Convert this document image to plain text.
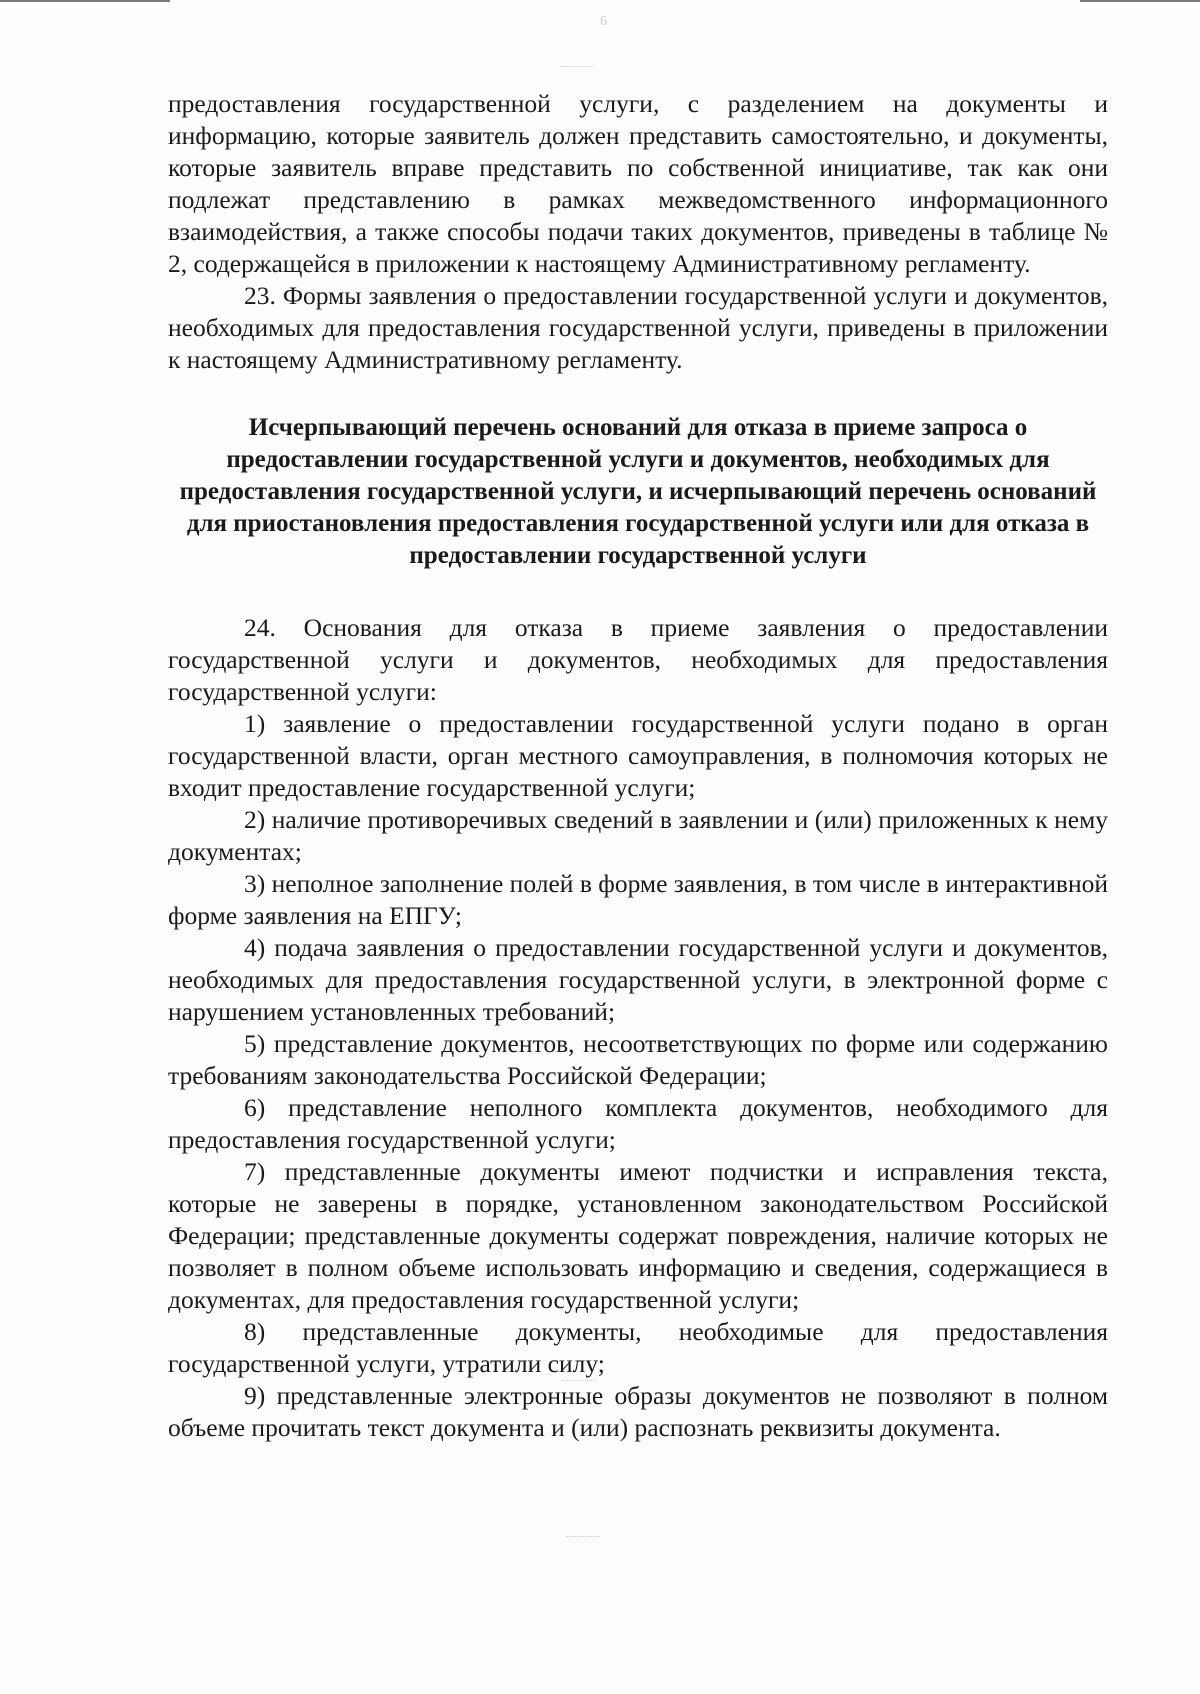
6

предоставления государственной услуги, с разделением на документы и информацию, которые заявитель должен представить самостоятельно, и документы, которые заявитель вправе представить по собственной инициативе, так как они подлежат представлению в рамках межведомственного информационного взаимодействия, а также способы подачи таких документов, приведены в таблице № 2, содержащейся в приложении к настоящему Административному регламенту.

23. Формы заявления о предоставлении государственной услуги и документов, необходимых для предоставления государственной услуги, приведены в приложении к настоящему Административному регламенту.

Исчерпывающий перечень оснований для отказа в приеме запроса о предоставлении государственной услуги и документов, необходимых для предоставления государственной услуги, и исчерпывающий перечень оснований для приостановления предоставления государственной услуги или для отказа в предоставлении государственной услуги

24. Основания для отказа в приеме заявления о предоставлении государственной услуги и документов, необходимых для предоставления государственной услуги:

1) заявление о предоставлении государственной услуги подано в орган государственной власти, орган местного самоуправления, в полномочия которых не входит предоставление государственной услуги;

2) наличие противоречивых сведений в заявлении и (или) приложенных к нему документах;

3) неполное заполнение полей в форме заявления, в том числе в интерактивной форме заявления на ЕПГУ;

4) подача заявления о предоставлении государственной услуги и документов, необходимых для предоставления государственной услуги, в электронной форме с нарушением установленных требований;

5) представление документов, несоответствующих по форме или содержанию требованиям законодательства Российской Федерации;

6) представление неполного комплекта документов, необходимого для предоставления государственной услуги;

7) представленные документы имеют подчистки и исправления текста, которые не заверены в порядке, установленном законодательством Российской Федерации; представленные документы содержат повреждения, наличие которых не позволяет в полном объеме использовать информацию и сведения, содержащиеся в документах, для предоставления государственной услуги;

8) представленные документы, необходимые для предоставления государственной услуги, утратили силу;

9) представленные электронные образы документов не позволяют в полном объеме прочитать текст документа и (или) распознать реквизиты документа.
